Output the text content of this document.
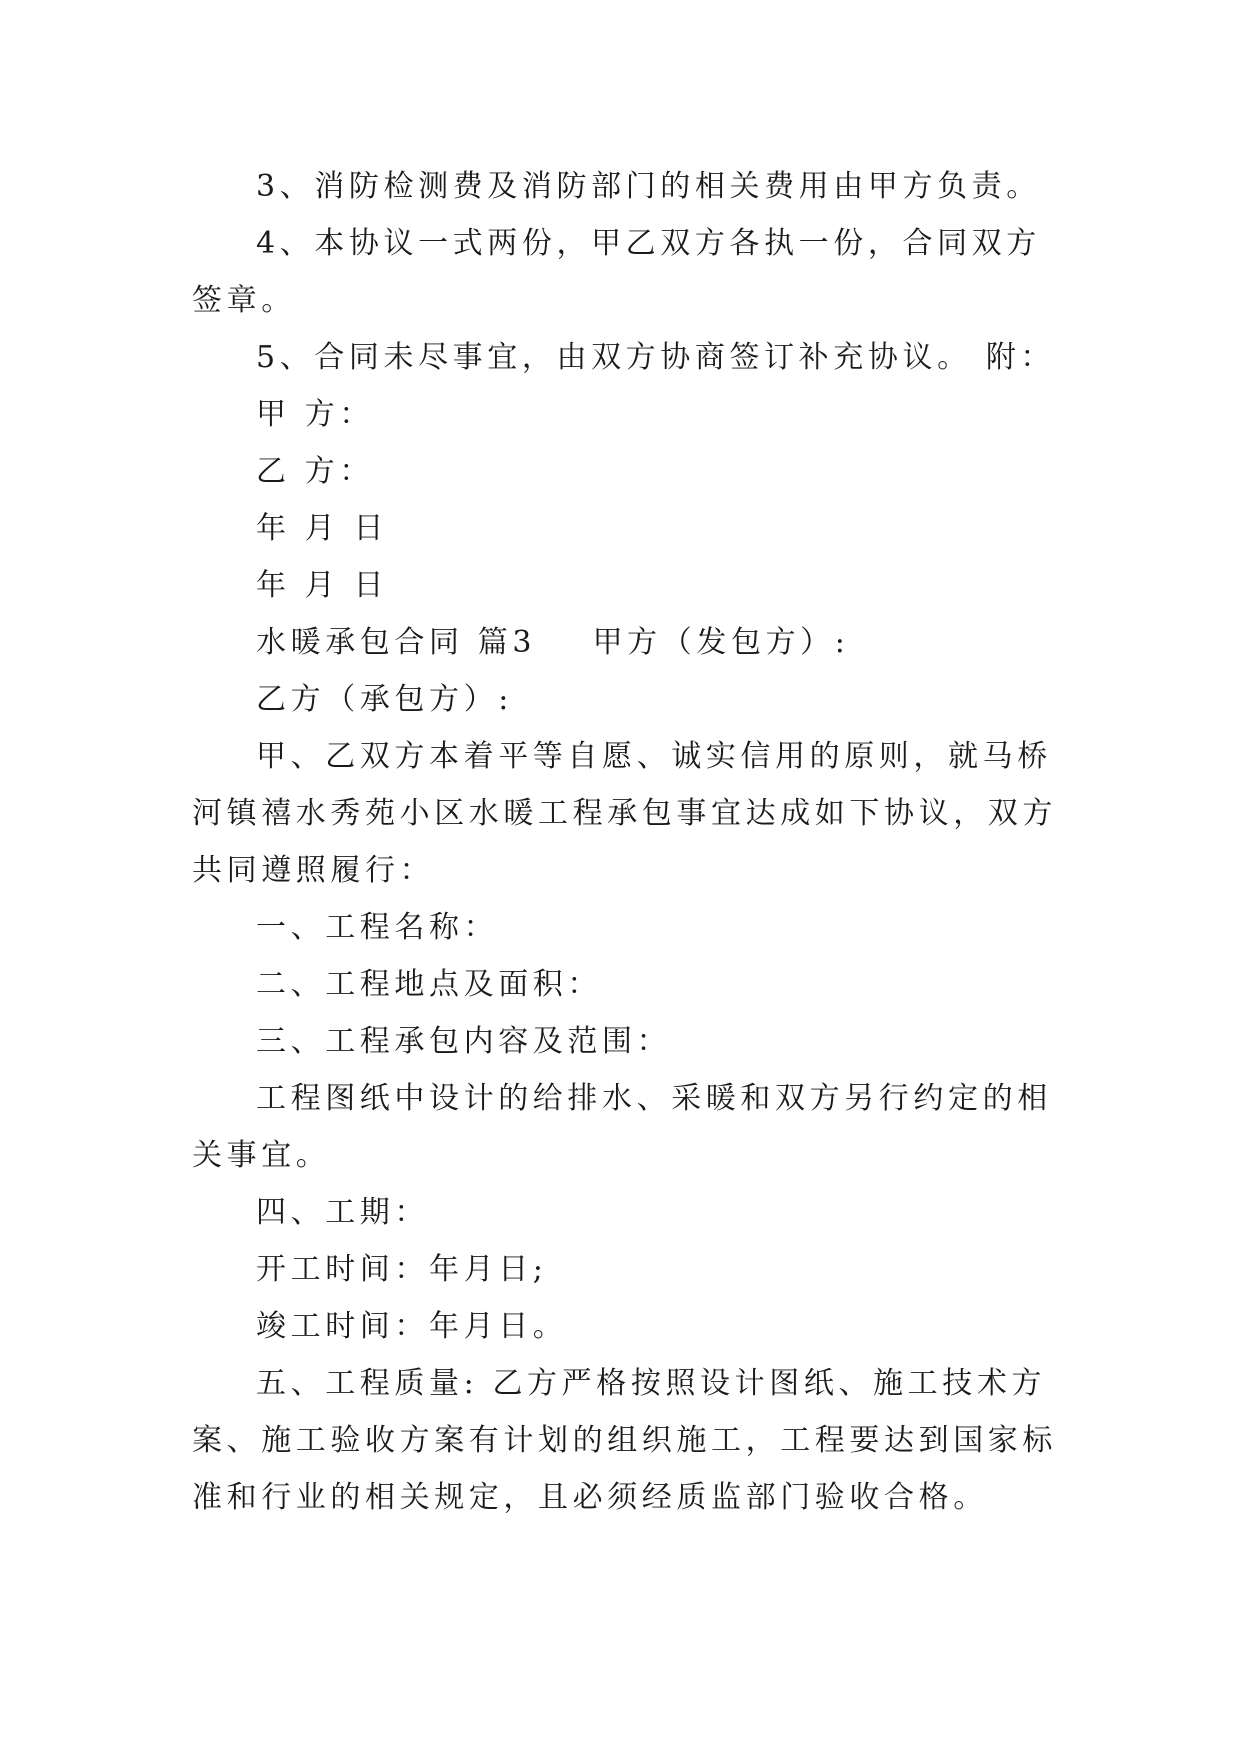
3、消防检测费及消防部门的相关费用由甲方负责。

4、本协议一式两份，甲乙双方各执一份，合同双方签章。

5、合同未尽事宜，由双方协商签订补充协议。 附：

甲 方：

乙 方：

年 月 日

年 月 日

水暖承包合同 篇3    甲方（发包方）:

乙方（承包方）:

甲、乙双方本着平等自愿、诚实信用的原则，就马桥河镇禧水秀苑小区水暖工程承包事宜达成如下协议，双方共同遵照履行：

一、工程名称：

二、工程地点及面积：

三、工程承包内容及范围：

工程图纸中设计的给排水、采暖和双方另行约定的相关事宜。

四、工期：

开工时间：年月日;

竣工时间：年月日。

五、工程质量: 乙方严格按照设计图纸、施工技术方案、施工验收方案有计划的组织施工，工程要达到国家标准和行业的相关规定，且必须经质监部门验收合格。
